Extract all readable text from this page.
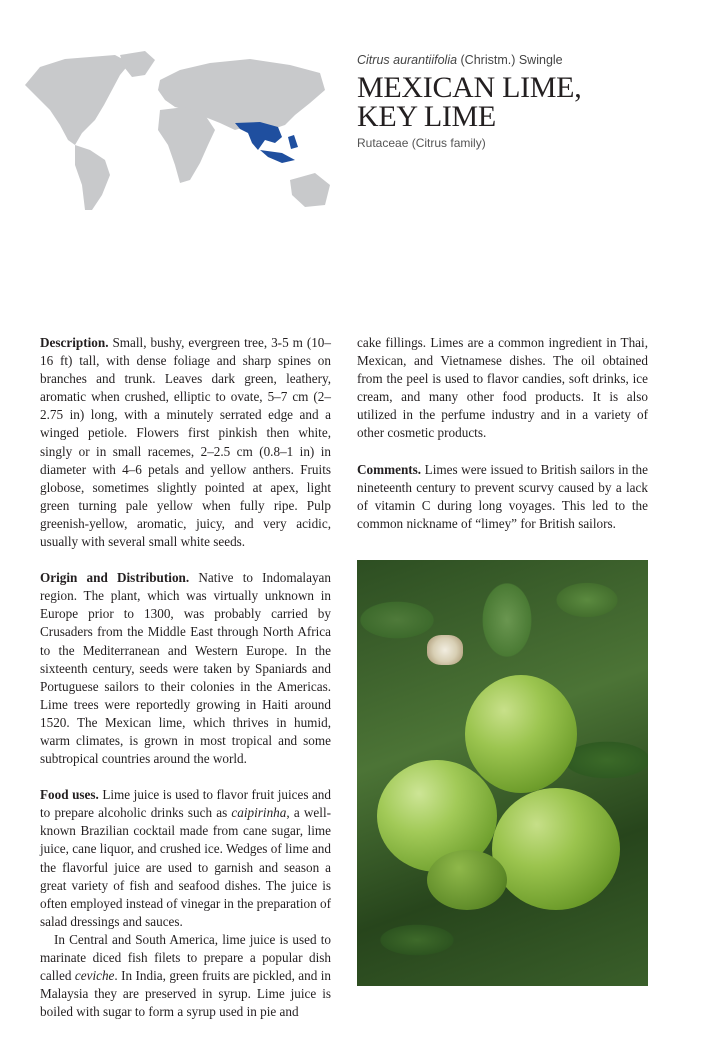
Citrus aurantiifolia (Christm.) Swingle
MEXICAN LIME,
KEY LIME
Rutaceae (Citrus family)

Description. Small, bushy, evergreen tree, 3-5 m (10–16 ft) tall, with dense foliage and sharp spines on branches and trunk. Leaves dark green, leathery, aromatic when crushed, elliptic to ovate, 5–7 cm (2–2.75 in) long, with a minutely serrated edge and a winged petiole. Flowers first pinkish then white, singly or in small racemes, 2–2.5 cm (0.8–1 in) in diameter with 4–6 petals and yellow anthers. Fruits globose, sometimes slightly pointed at apex, light green turning pale yellow when fully ripe. Pulp greenish-yellow, aromatic, juicy, and very acidic, usually with several small white seeds.

Origin and Distribution. Native to Indomalayan region. The plant, which was virtually unknown in Europe prior to 1300, was probably carried by Crusaders from the Middle East through North Africa to the Mediterranean and Western Europe. In the sixteenth century, seeds were taken by Spaniards and Portuguese sailors to their colonies in the Americas. Lime trees were reportedly growing in Haiti around 1520. The Mexican lime, which thrives in humid, warm climates, is grown in most tropical and some subtropical countries around the world.

Food uses. Lime juice is used to flavor fruit juices and to prepare alcoholic drinks such as caipirinha, a well-known Brazilian cocktail made from cane sugar, lime juice, cane liquor, and crushed ice. Wedges of lime and the flavorful juice are used to garnish and season a great variety of fish and seafood dishes. The juice is often employed instead of vinegar in the preparation of salad dressings and sauces.

In Central and South America, lime juice is used to marinate diced fish filets to prepare a popular dish called ceviche. In India, green fruits are pickled, and in Malaysia they are preserved in syrup. Lime juice is boiled with sugar to form a syrup used in pie and

cake fillings. Limes are a common ingredient in Thai, Mexican, and Vietnamese dishes. The oil obtained from the peel is used to flavor candies, soft drinks, ice cream, and many other food products. It is also utilized in the perfume industry and in a variety of other cosmetic products.

Comments. Limes were issued to British sailors in the nineteenth century to prevent scurvy caused by a lack of vitamin C during long voyages. This led to the common nickname of “limey” for British sailors.
